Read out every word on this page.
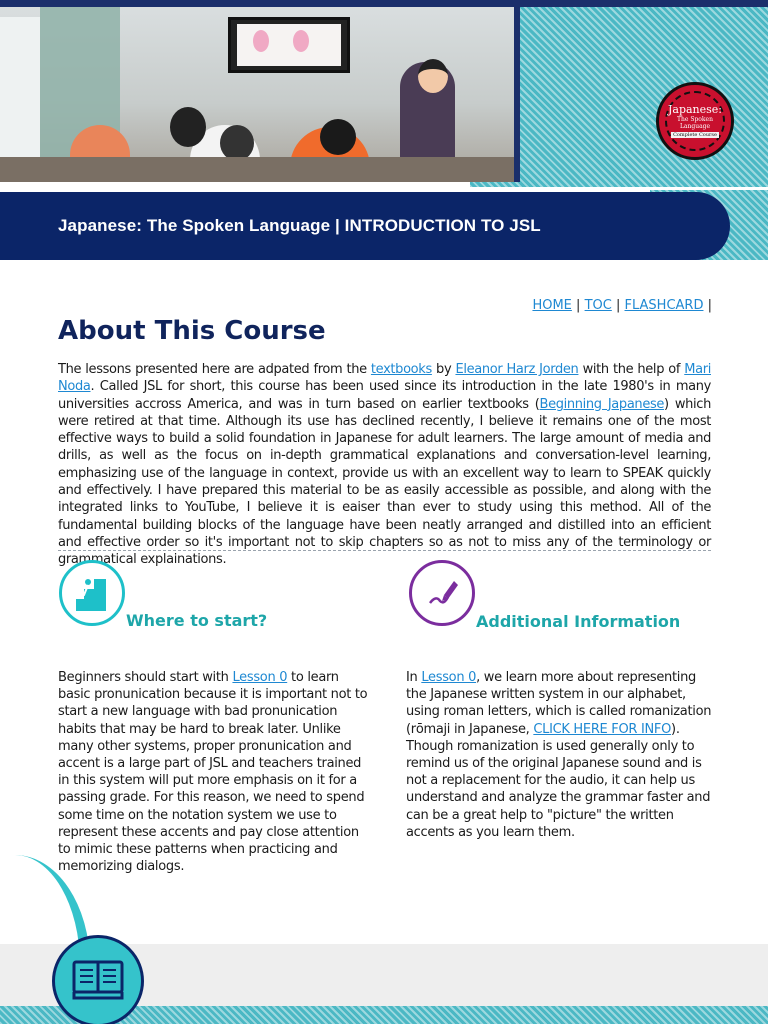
Japanese:
The Spoken Language
Complete Course
Japanese: The Spoken Language | INTRODUCTION TO JSL
HOME | TOC | FLASHCARD |
About This Course

The lessons presented here are adpated from the textbooks by Eleanor Harz Jorden with the help of Mari Noda. Called JSL for short, this course has been used since its introduction in the late 1980's in many universities accross America, and was in turn based on earlier textbooks (Beginning Japanese) which were retired at that time. Although its use has declined recently, I believe it remains one of the most effective ways to build a solid foundation in Japanese for adult learners. The large amount of media and drills, as well as the focus on in-depth grammatical explanations and conversation-level learning, emphasizing use of the language in context, provide us with an excellent way to learn to SPEAK quickly and effectively. I have prepared this material to be as easily accessible as possible, and along with the integrated links to YouTube, I believe it is eaiser than ever to study using this method. All of the fundamental building blocks of the language have been neatly arranged and distilled into an efficient and effective order so it's important not to skip chapters so as not to miss any of the terminology or grammatical explainations.

Where to start?	Additional Information

Beginners should start with Lesson 0 to learn basic pronunication because it is important not to start a new language with bad pronunication habits that may be hard to break later. Unlike many other systems, proper pronunication and accent is a large part of JSL and teachers trained in this system will put more emphasis on it for a passing grade. For this reason, we need to spend some time on the notation system we use to represent these accents and pay close attention to mimic these patterns when practicing and memorizing dialogs.

In Lesson 0, we learn more about representing the Japanese written system in our alphabet, using roman letters, which is called romanization (rōmaji in Japanese, CLICK HERE FOR INFO). Though romanization is used generally only to remind us of the original Japanese sound and is not a replacement for the audio, it can help us understand and analyze the grammar faster and can be a great help to "picture" the written accents as you learn them.
